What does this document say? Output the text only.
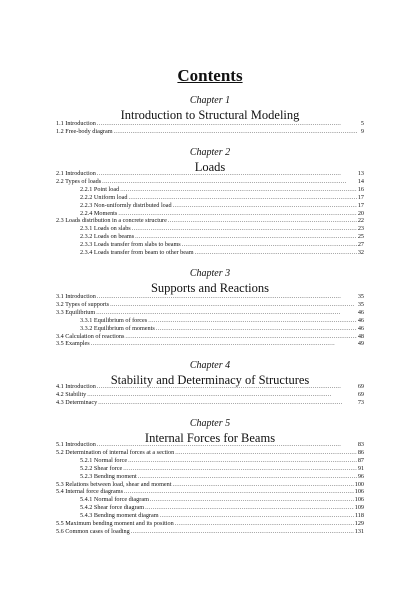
Contents
Chapter 1
Introduction to Structural Modeling
1.1 Introduction . . .	5
1.2 Free-body diagram . . .	9
Chapter 2
Loads
2.1 Introduction . . .	13
2.2 Types of loads . . .	14
2.2.1 Point load . . .	16
2.2.2 Uniform load . . .	17
2.2.3 Non-uniformly distributed load . . .	17
2.2.4 Moments . . .	20
2.3 Loads distribution in a concrete structure . . .	22
2.3.1 Loads on slabs . . .	23
2.3.2 Loads on beams . . .	25
2.3.3 Loads transfer from slabs to beams . . .	27
2.3.4 Loads transfer from beam to other beam . . .	32
Chapter 3
Supports and Reactions
3.1 Introduction . . .	35
3.2 Types of supports . . .	35
3.3 Equilibrium . . .	46
3.3.1 Equilibrium of forces . . .	46
3.3.2 Equilibrium of moments . . .	46
3.4 Calculation of reactions . . .	48
3.5 Examples . . .	49
Chapter 4
Stability and Determinacy of Structures
4.1 Introduction . . .	69
4.2 Stability . . .	69
4.3 Determinacy . . .	73
Chapter 5
Internal Forces for Beams
5.1 Introduction . . .	83
5.2 Determination of internal forces at a section . . .	86
5.2.1 Normal force . . .	87
5.2.2 Shear force . . .	91
5.2.3 Bending moment . . .	96
5.3 Relations between load, shear and moment . . .	100
5.4 Internal force diagrams . . .	106
5.4.1 Normal force diagram . . .	106
5.4.2 Shear force diagram . . .	109
5.4.3 Bending moment diagram . . .	118
5.5 Maximum bending moment and its position . . .	129
5.6 Common cases of loading . . .	131
